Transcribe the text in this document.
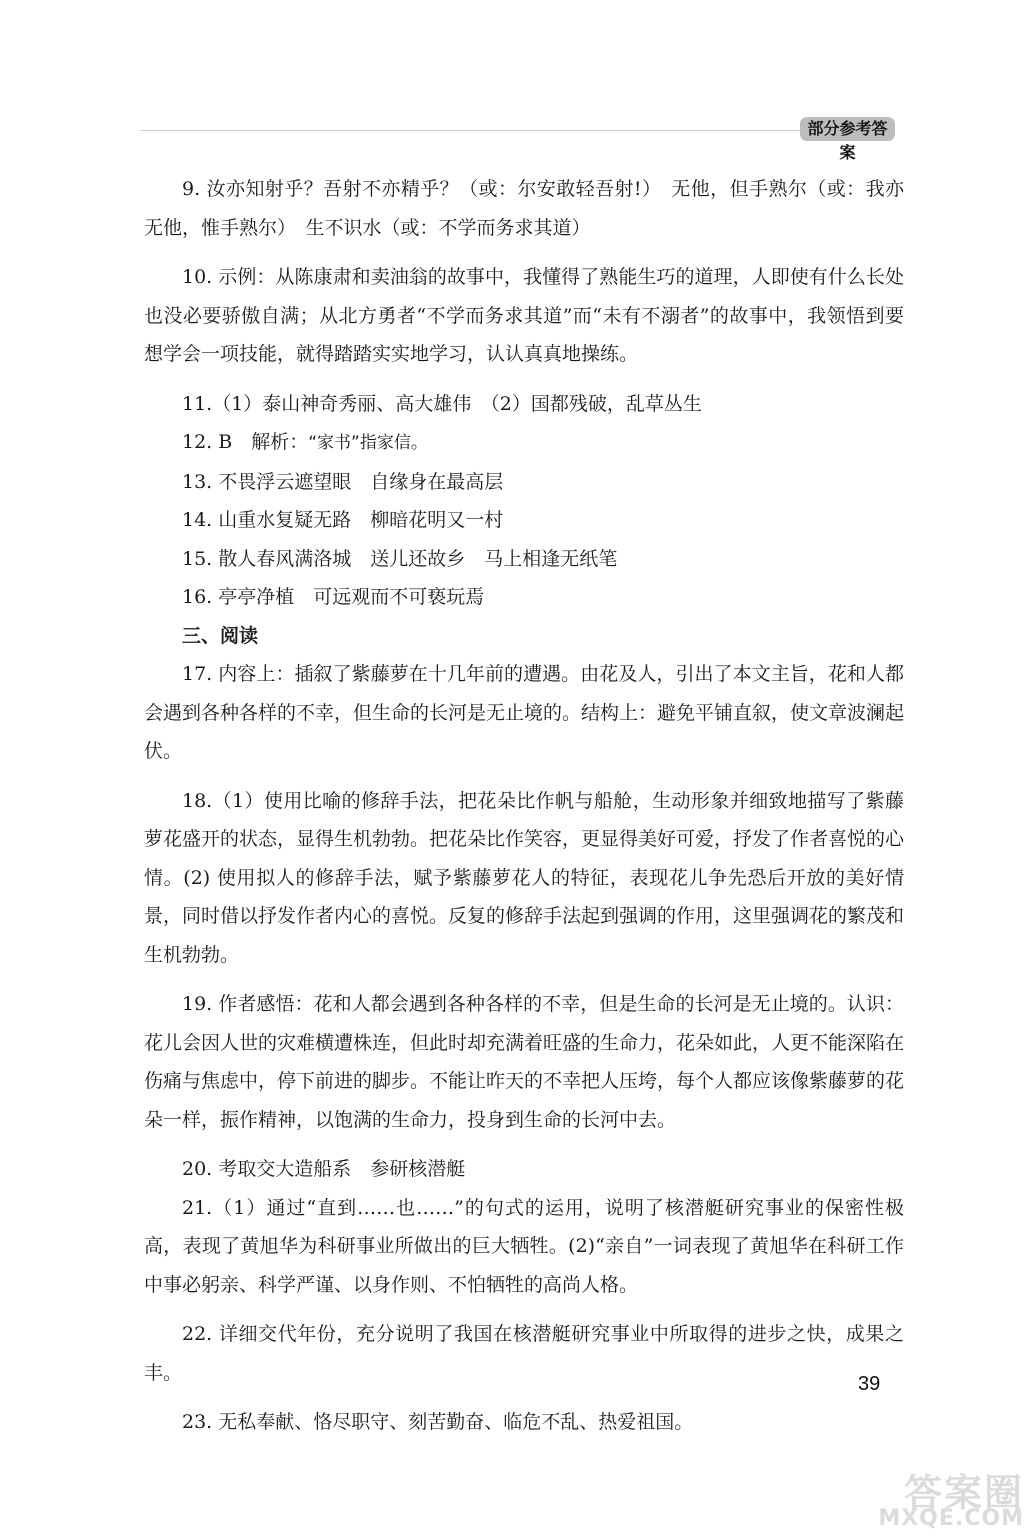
部分参考答案

9. 汝亦知射乎？吾射不亦精乎？（或：尔安敢轻吾射!）　无他，但手熟尔（或：我亦无他，惟手熟尔）　生不识水（或：不学而务求其道）

10. 示例：从陈康肃和卖油翁的故事中，我懂得了熟能生巧的道理，人即使有什么长处也没必要骄傲自满；从北方勇者“不学而务求其道”而“未有不溺者”的故事中，我领悟到要想学会一项技能，就得踏踏实实地学习，认认真真地操练。

11.（1）泰山神奇秀丽、高大雄伟　（2）国都残破，乱草丛生

12. B　解析：“家书”指家信。

13. 不畏浮云遮望眼　自缘身在最高层

14. 山重水复疑无路　柳暗花明又一村

15. 散人春风满洛城　送儿还故乡　马上相逢无纸笔

16. 亭亭净植　可远观而不可亵玩焉

三、阅读

17. 内容上：插叙了紫藤萝在十几年前的遭遇。由花及人，引出了本文主旨，花和人都会遇到各种各样的不幸，但生命的长河是无止境的。结构上：避免平铺直叙，使文章波澜起伏。

18.（1）使用比喻的修辞手法，把花朵比作帆与船舱，生动形象并细致地描写了紫藤萝花盛开的状态，显得生机勃勃。把花朵比作笑容，更显得美好可爱，抒发了作者喜悦的心情。(2) 使用拟人的修辞手法，赋予紫藤萝花人的特征，表现花儿争先恐后开放的美好情景，同时借以抒发作者内心的喜悦。反复的修辞手法起到强调的作用，这里强调花的繁茂和生机勃勃。

19. 作者感悟：花和人都会遇到各种各样的不幸，但是生命的长河是无止境的。认识：花儿会因人世的灾难横遭株连，但此时却充满着旺盛的生命力，花朵如此，人更不能深陷在伤痛与焦虑中，停下前进的脚步。不能让昨天的不幸把人压垮，每个人都应该像紫藤萝的花朵一样，振作精神，以饱满的生命力，投身到生命的长河中去。

20. 考取交大造船系　参研核潜艇

21.（1）通过“直到……也……”的句式的运用，说明了核潜艇研究事业的保密性极高，表现了黄旭华为科研事业所做出的巨大牺牲。(2)“亲自”一词表现了黄旭华在科研工作中事必躬亲、科学严谨、以身作则、不怕牺牲的高尚人格。

22. 详细交代年份，充分说明了我国在核潜艇研究事业中所取得的进步之快，成果之丰。

23. 无私奉献、恪尽职守、刻苦勤奋、临危不乱、热爱祖国。

39
答案圈
MXQE.COM
